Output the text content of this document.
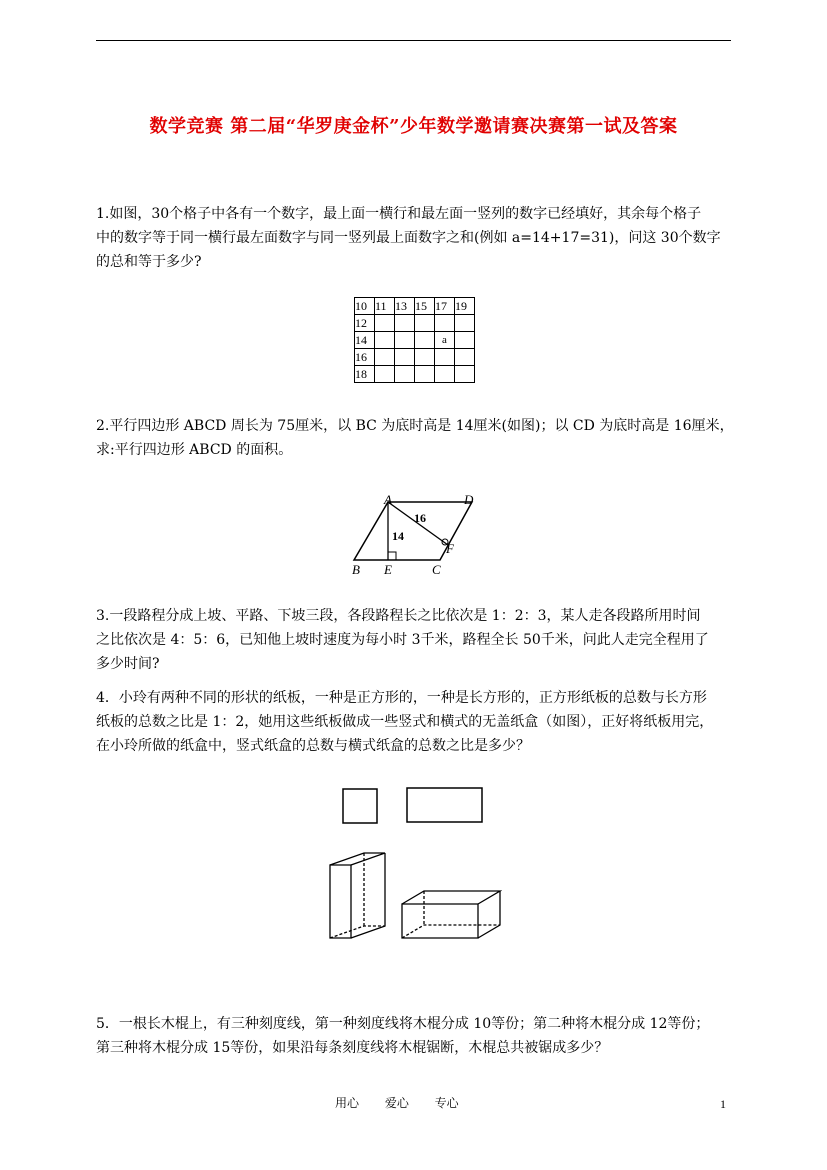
数学竞赛 第二届“华罗庚金杯”少年数学邀请赛决赛第一试及答案

1.如图，30个格子中各有一个数字，最上面一横行和最左面一竖列的数字已经填好，其余每个格子

中的数字等于同一横行最左面数字与同一竖列最上面数字之和(例如 a=14+17=31)，问这 30个数字

的总和等于多少?

10	11	13	15	17	19
12					
14				a	
16					
18					

2.平行四边形 ABCD 周长为 75厘米，以 BC 为底时高是 14厘米(如图)；以 CD 为底时高是 16厘米，

求:平行四边形 ABCD 的面积。

A	D
B E	C
F
14
16

3.一段路程分成上坡、平路、下坡三段，各段路程长之比依次是 1：2：3，某人走各段路所用时间

之比依次是 4：5：6，已知他上坡时速度为每小时 3千米，路程全长 50千米，问此人走完全程用了

多少时间?

4．小玲有两种不同的形状的纸板，一种是正方形的，一种是长方形的，正方形纸板的总数与长方形

纸板的总数之比是 1：2，她用这些纸板做成一些竖式和横式的无盖纸盒（如图），正好将纸板用完，

在小玲所做的纸盒中，竖式纸盒的总数与横式纸盒的总数之比是多少？

5．一根长木棍上，有三种刻度线，第一种刻度线将木棍分成 10等份；第二种将木棍分成 12等份；

第三种将木棍分成 15等份，如果沿每条刻度线将木棍锯断，木棍总共被锯成多少？

用心 爱心 专心	1
